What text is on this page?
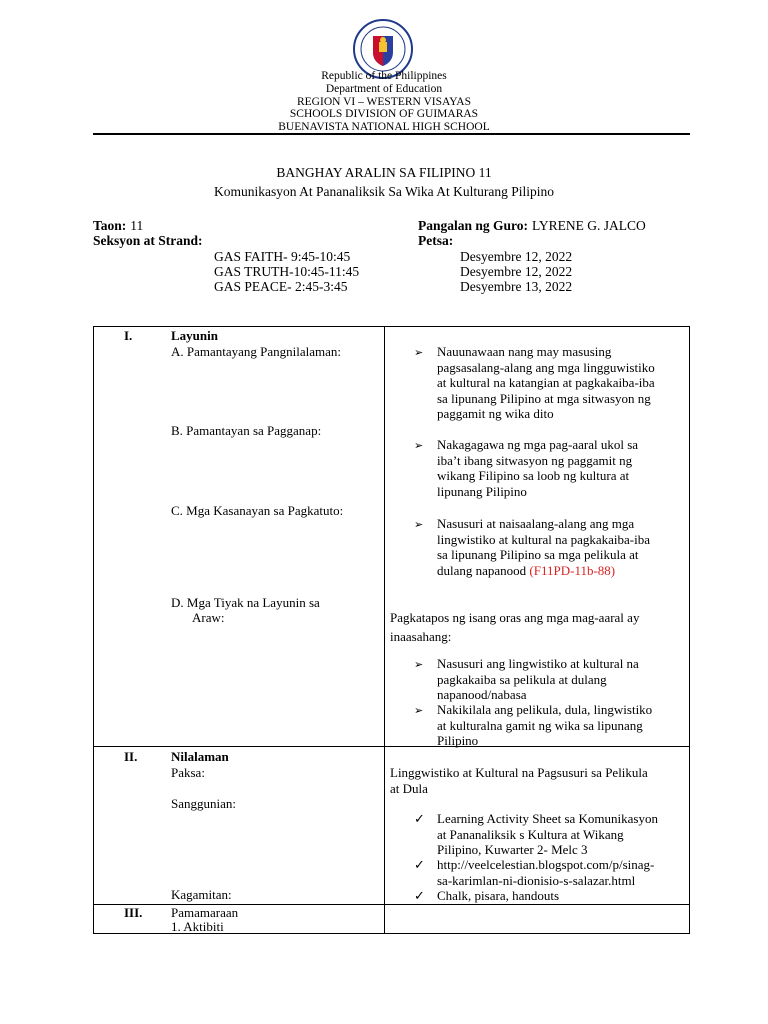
Republic of the Philippines
Department of Education
REGION VI – WESTERN VISAYAS
SCHOOLS DIVISION OF GUIMARAS
BUENAVISTA NATIONAL HIGH SCHOOL
BANGHAY ARALIN SA FILIPINO 11
Komunikasyon At Pananaliksik Sa Wika At Kulturang Pilipino
Taon: 11
Seksyon at Strand:
GAS FAITH- 9:45-10:45
GAS TRUTH-10:45-11:45
GAS PEACE- 2:45-3:45
Pangalan ng Guro: LYRENE G. JALCO
Petsa:
Desyembre 12, 2022
Desyembre 12, 2022
Desyembre 13, 2022
I.	Layunin
A. Pamantayang Pangnilalaman:
B. Pamantayan sa Pagganap:
C. Mga Kasanayan sa Pagkatuto:
D. Mga Tiyak na Layunin sa
Araw:
➢ Nauunawaan nang may masusing
pagsasalang-alang ang mga lingguwistiko
at kultural na katangian at pagkakaiba-iba
sa lipunang Pilipino at mga sitwasyon ng
paggamit ng wika dito
➢ Nakagagawa ng mga pag-aaral ukol sa
iba’t ibang sitwasyon ng paggamit ng
wikang Filipino sa loob ng kultura at
lipunang Pilipino
➢ Nasusuri at naisaalang-alang ang mga
lingwistiko at kultural na pagkakaiba-iba
sa lipunang Pilipino sa mga pelikula at
dulang napanood (F11PD-11b-88)
Pagkatapos ng isang oras ang mga mag-aaral ay
inaasahang:
➢ Nasusuri ang lingwistiko at kultural na
pagkakaiba sa pelikula at dulang
napanood/nabasa
➢ Nakikilala ang pelikula, dula, lingwistiko
at kulturalna gamit ng wika sa lipunang
Pilipino
II.	Nilalaman
Paksa:
Sanggunian:
Kagamitan:
Linggwistiko at Kultural na Pagsusuri sa Pelikula
at Dula
✓ Learning Activity Sheet sa Komunikasyon
at Pananaliksik s Kultura at Wikang
Pilipino, Kuwarter 2- Melc 3
✓ http://veelcelestian.blogspot.com/p/sinag-
sa-karimlan-ni-dionisio-s-salazar.html
✓ Chalk, pisara, handouts
III. Pamamaraan
1. Aktibiti
